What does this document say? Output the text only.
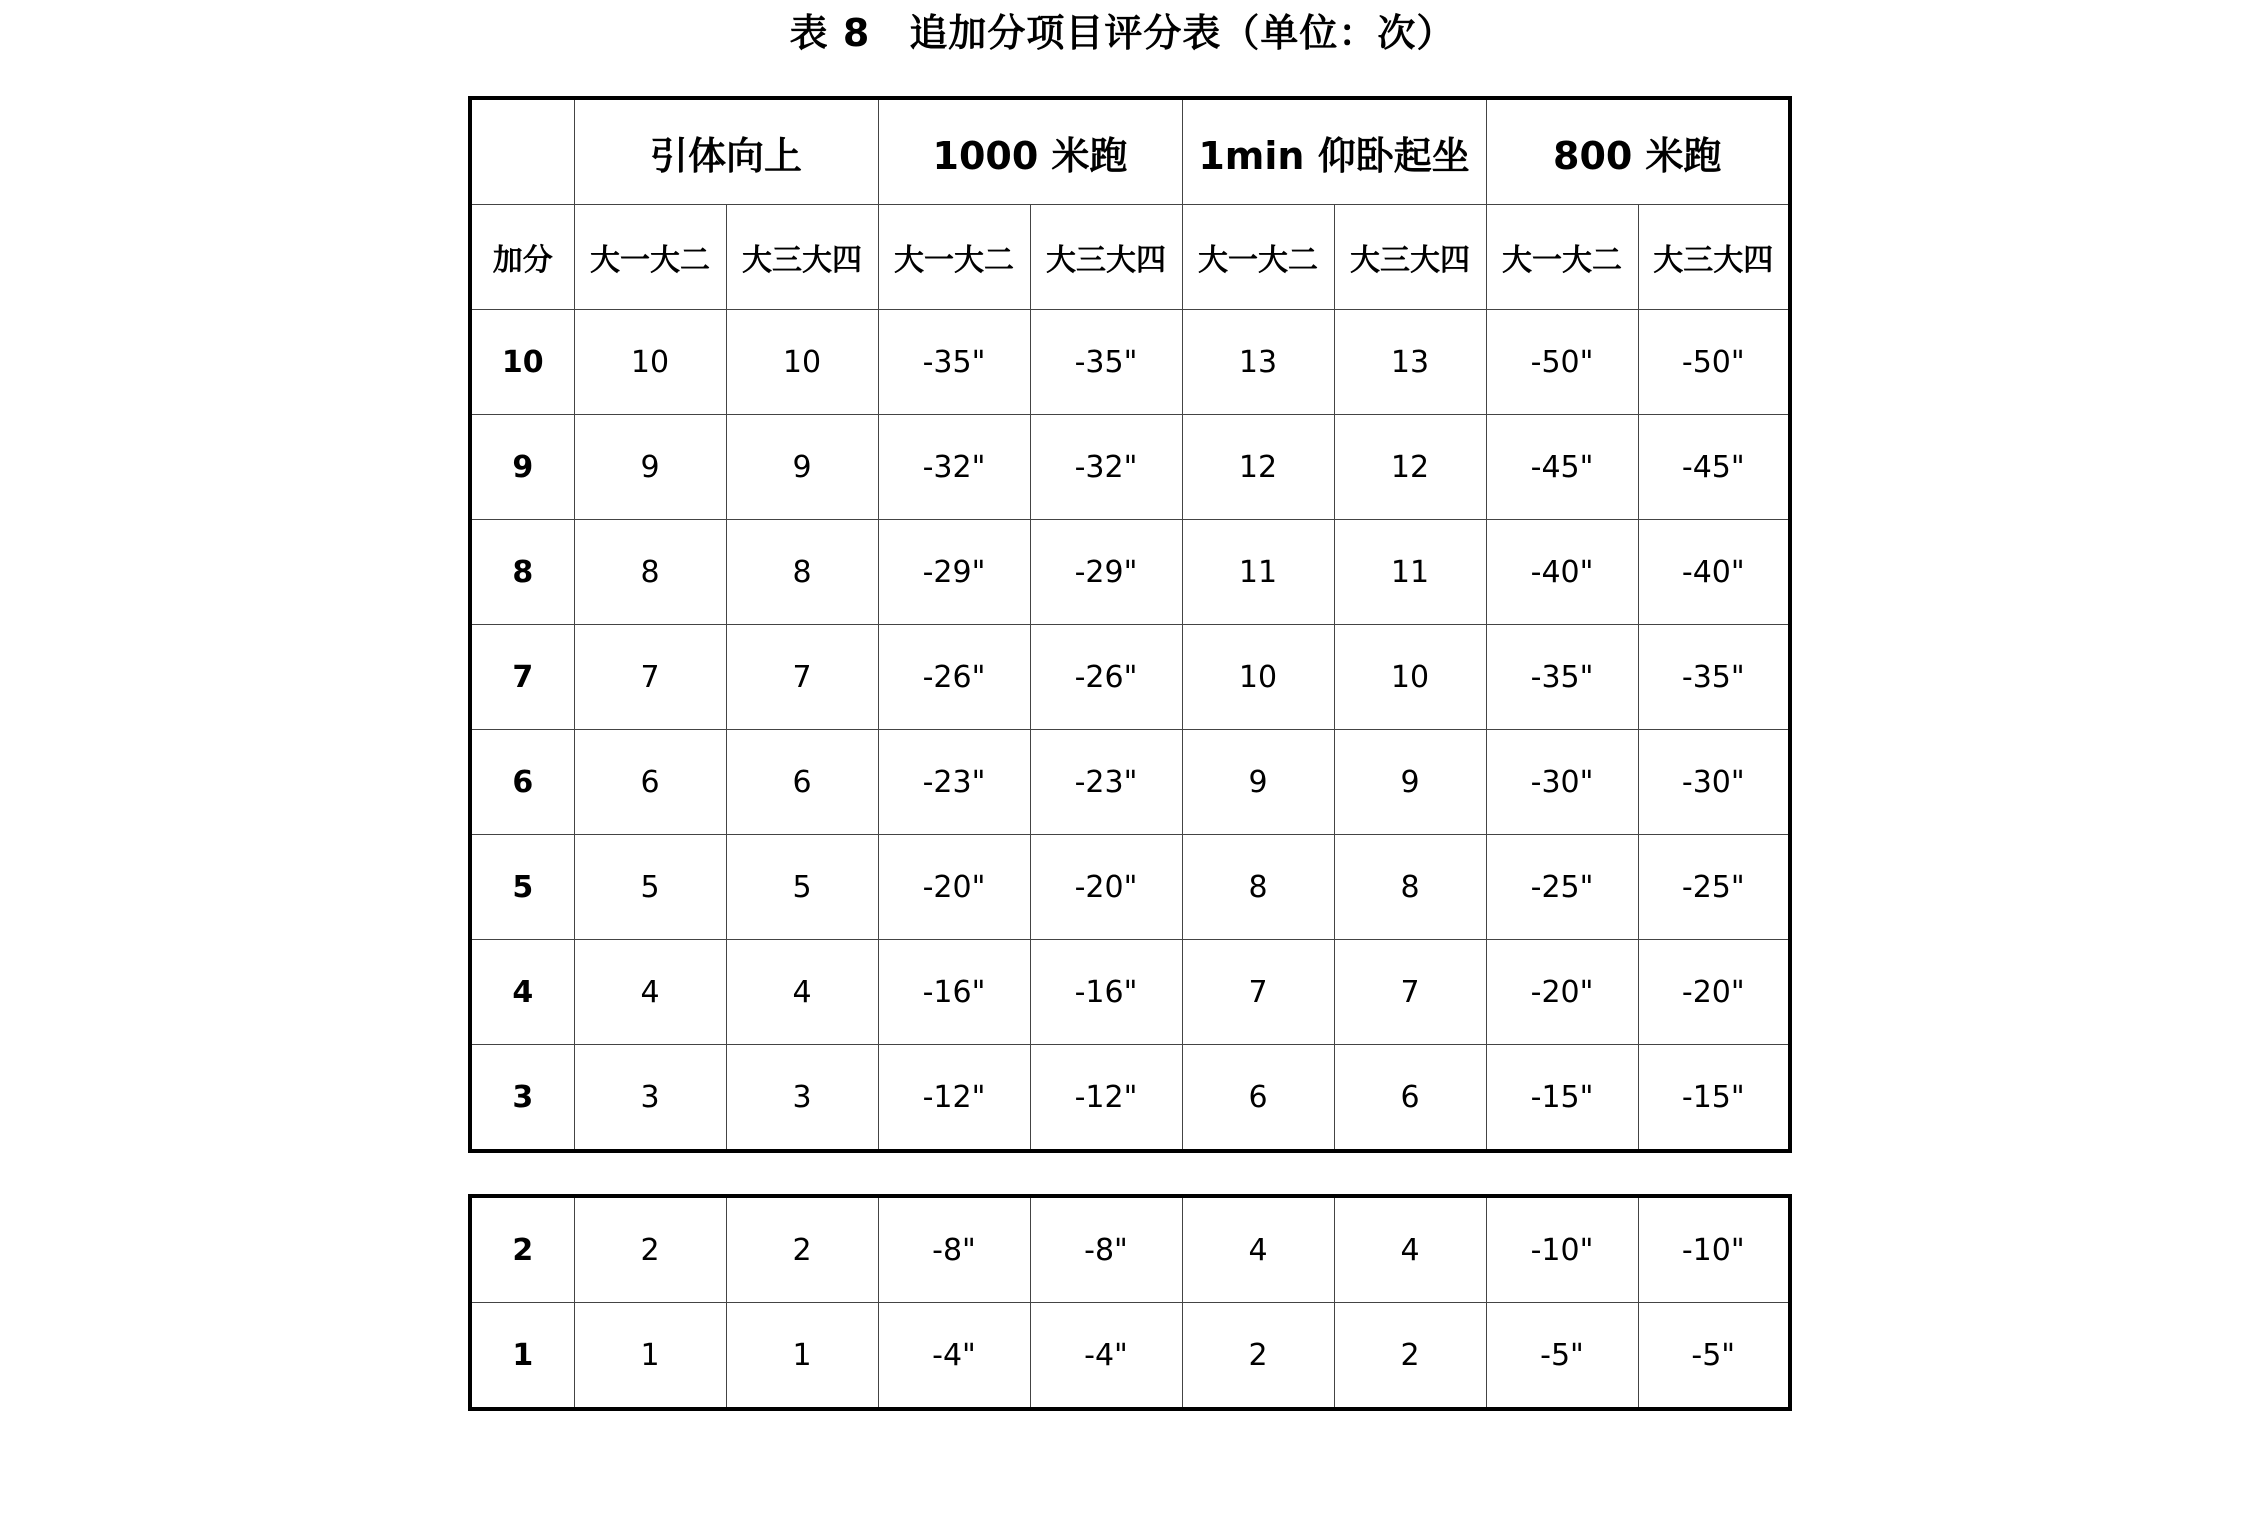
表 8　追加分项目评分表（单位：次）
	引体向上		1000 米跑		1min 仰卧起坐		800 米跑	
加分	大一大二	大三大四	大一大二	大三大四	大一大二	大三大四	大一大二	大三大四
10	10	10	-35"	-35"	13	13	-50"	-50"
9	9	9	-32"	-32"	12	12	-45"	-45"
8	8	8	-29"	-29"	11	11	-40"	-40"
7	7	7	-26"	-26"	10	10	-35"	-35"
6	6	6	-23"	-23"	9	9	-30"	-30"
5	5	5	-20"	-20"	8	8	-25"	-25"
4	4	4	-16"	-16"	7	7	-20"	-20"
3	3	3	-12"	-12"	6	6	-15"	-15"
2	2	2	-8"	-8"	4	4	-10"	-10"
1	1	1	-4"	-4"	2	2	-5"	-5"
